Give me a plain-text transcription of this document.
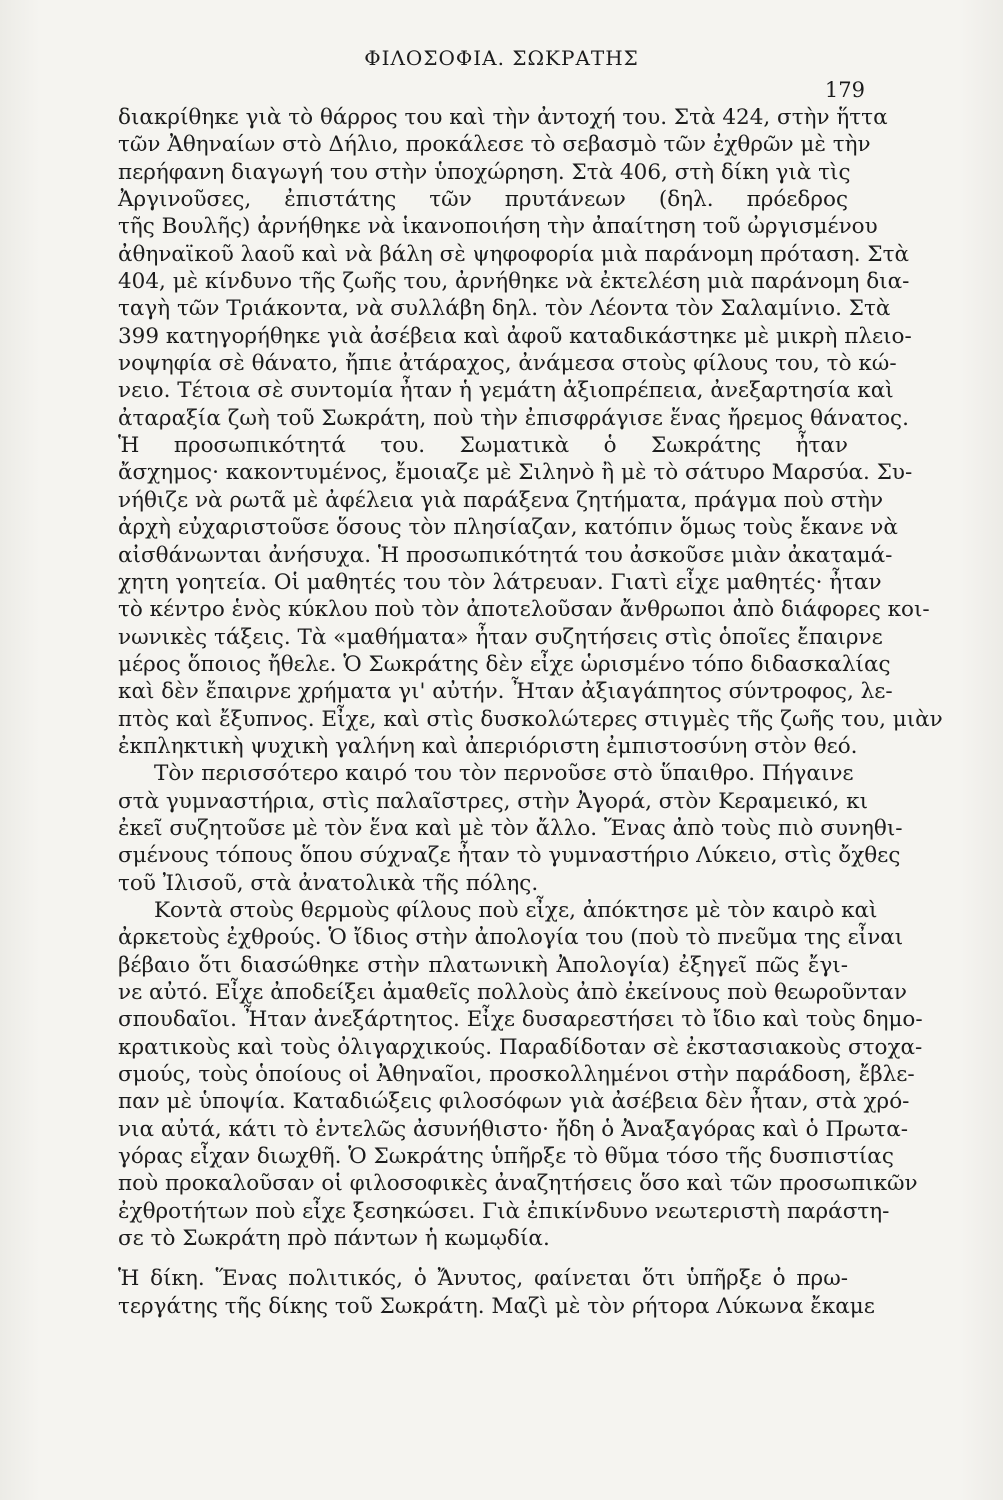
ΦΙΛΟΣΟΦΙΑ. ΣΩΚΡΑΤΗΣ
179
διακρίθηκε γιὰ τὸ θάρρος του καὶ τὴν ἀντοχή του. Στὰ 424, στὴν ἥττα
τῶν Ἀθηναίων στὸ Δήλιο, προκάλεσε τὸ σεβασμὸ τῶν ἐχθρῶν μὲ τὴν
περήφανη διαγωγή του στὴν ὑποχώρηση. Στὰ 406, στὴ δίκη γιὰ τὶς
Ἀργινοῦσες, ἐπιστάτης τῶν πρυτάνεων (δηλ. πρόεδρος
τῆς Βουλῆς) ἀρνήθηκε νὰ ἱκανοποιήση τὴν ἀπαίτηση τοῦ ὠργισμένου
ἀθηναϊκοῦ λαοῦ καὶ νὰ βάλη σὲ ψηφοφορία μιὰ παράνομη πρόταση. Στὰ
404, μὲ κίνδυνο τῆς ζωῆς του, ἀρνήθηκε νὰ ἐκτελέση μιὰ παράνομη δια-
ταγὴ τῶν Τριάκοντα, νὰ συλλάβη δηλ. τὸν Λέοντα τὸν Σαλαμίνιο. Στὰ
399 κατηγορήθηκε γιὰ ἀσέβεια καὶ ἀφοῦ καταδικάστηκε μὲ μικρὴ πλειο-
νοψηφία σὲ θάνατο, ἤπιε ἀτάραχος, ἀνάμεσα στοὺς φίλους του, τὸ κώ-
νειο. Τέτοια σὲ συντομία ἦταν ἡ γεμάτη ἀξιοπρέπεια, ἀνεξαρτησία καὶ
ἀταραξία ζωὴ τοῦ Σωκράτη, ποὺ τὴν ἐπισφράγισε ἕνας ἤρεμος θάνατος.
Ἡ προσωπικότητά του. Σωματικὰ ὁ Σωκράτης ἦταν
ἄσχημος· κακοντυμένος, ἔμοιαζε μὲ Σιληνὸ ἢ μὲ τὸ σάτυρο Μαρσύα. Συ-
νήθιζε νὰ ρωτᾶ μὲ ἀφέλεια γιὰ παράξενα ζητήματα, πράγμα ποὺ στὴν
ἀρχὴ εὐχαριστοῦσε ὅσους τὸν πλησίαζαν, κατόπιν ὅμως τοὺς ἔκανε νὰ
αἰσθάνωνται ἀνήσυχα. Ἡ προσωπικότητά του ἀσκοῦσε μιὰν ἀκαταμά-
χητη γοητεία. Οἱ μαθητές του τὸν λάτρευαν. Γιατὶ εἶχε μαθητές· ἦταν
τὸ κέντρο ἑνὸς κύκλου ποὺ τὸν ἀποτελοῦσαν ἄνθρωποι ἀπὸ διάφορες κοι-
νωνικὲς τάξεις. Τὰ «μαθήματα» ἦταν συζητήσεις στὶς ὁποῖες ἔπαιρνε
μέρος ὅποιος ἤθελε. Ὁ Σωκράτης δὲν εἶχε ὡρισμένο τόπο διδασκαλίας
καὶ δὲν ἔπαιρνε χρήματα γι' αὐτήν. Ἦταν ἀξιαγάπητος σύντροφος, λε-
πτὸς καὶ ἔξυπνος. Εἶχε, καὶ στὶς δυσκολώτερες στιγμὲς τῆς ζωῆς του, μιὰν
ἐκπληκτικὴ ψυχικὴ γαλήνη καὶ ἀπεριόριστη ἐμπιστοσύνη στὸν θεό.
Τὸν περισσότερο καιρό του τὸν περνοῦσε στὸ ὕπαιθρο. Πήγαινε
στὰ γυμναστήρια, στὶς παλαῖστρες, στὴν Ἀγορά, στὸν Κεραμεικό, κι
ἐκεῖ συζητοῦσε μὲ τὸν ἕνα καὶ μὲ τὸν ἄλλο. Ἕνας ἀπὸ τοὺς πιὸ συνηθι-
σμένους τόπους ὅπου σύχναζε ἦταν τὸ γυμναστήριο Λύκειο, στὶς ὄχθες
τοῦ Ἰλισοῦ, στὰ ἀνατολικὰ τῆς πόλης.
Κοντὰ στοὺς θερμοὺς φίλους ποὺ εἶχε, ἀπόκτησε μὲ τὸν καιρὸ καὶ
ἀρκετοὺς ἐχθρούς. Ὁ ἴδιος στὴν ἀπολογία του (ποὺ τὸ πνεῦμα της εἶναι
βέβαιο ὅτι διασώθηκε στὴν πλατωνικὴ Ἀπολογία) ἐξηγεῖ πῶς ἔγι-
νε αὐτό. Εἶχε ἀποδείξει ἀμαθεῖς πολλοὺς ἀπὸ ἐκείνους ποὺ θεωροῦνταν
σπουδαῖοι. Ἦταν ἀνεξάρτητος. Εἶχε δυσαρεστήσει τὸ ἴδιο καὶ τοὺς δημο-
κρατικοὺς καὶ τοὺς ὀλιγαρχικούς. Παραδίδοταν σὲ ἐκστασιακοὺς στοχα-
σμούς, τοὺς ὁποίους οἱ Ἀθηναῖοι, προσκολλημένοι στὴν παράδοση, ἔβλε-
παν μὲ ὑποψία. Καταδιώξεις φιλοσόφων γιὰ ἀσέβεια δὲν ἦταν, στὰ χρό-
νια αὐτά, κάτι τὸ ἐντελῶς ἀσυνήθιστο· ἤδη ὁ Ἀναξαγόρας καὶ ὁ Πρωτα-
γόρας εἶχαν διωχθῆ. Ὁ Σωκράτης ὑπῆρξε τὸ θῦμα τόσο τῆς δυσπιστίας
ποὺ προκαλοῦσαν οἱ φιλοσοφικὲς ἀναζητήσεις ὅσο καὶ τῶν προσωπικῶν
ἐχθροτήτων ποὺ εἶχε ξεσηκώσει. Γιὰ ἐπικίνδυνο νεωτεριστὴ παράστη-
σε τὸ Σωκράτη πρὸ πάντων ἡ κωμῳδία.
Ἡ δίκη. Ἕνας πολιτικός, ὁ Ἄνυτος, φαίνεται ὅτι ὑπῆρξε ὁ πρω-
τεργάτης τῆς δίκης τοῦ Σωκράτη. Μαζὶ μὲ τὸν ρήτορα Λύκωνα ἔκαμε
